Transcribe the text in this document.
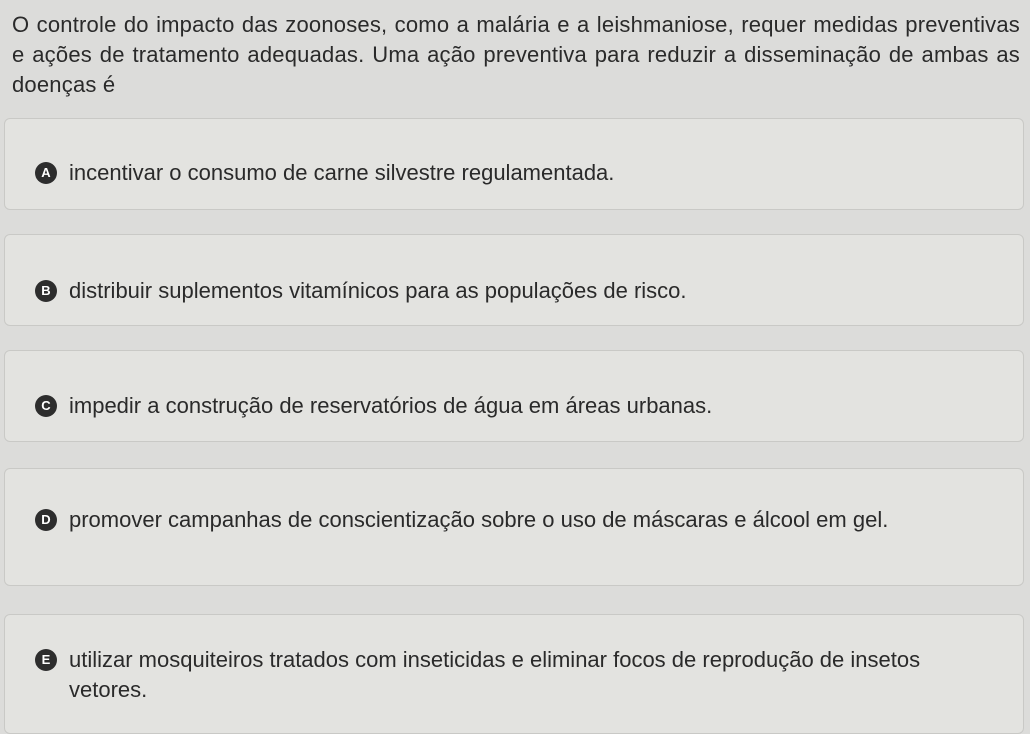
O controle do impacto das zoonoses, como a malária e a leishmaniose, requer medidas preventivas e ações de tratamento adequadas. Uma ação preventiva para reduzir a disseminação de ambas as doenças é
A incentivar o consumo de carne silvestre regulamentada.
B distribuir suplementos vitamínicos para as populações de risco.
C impedir a construção de reservatórios de água em áreas urbanas.
D promover campanhas de conscientização sobre o uso de máscaras e álcool em gel.
E utilizar mosquiteiros tratados com inseticidas e eliminar focos de reprodução de insetos vetores.
